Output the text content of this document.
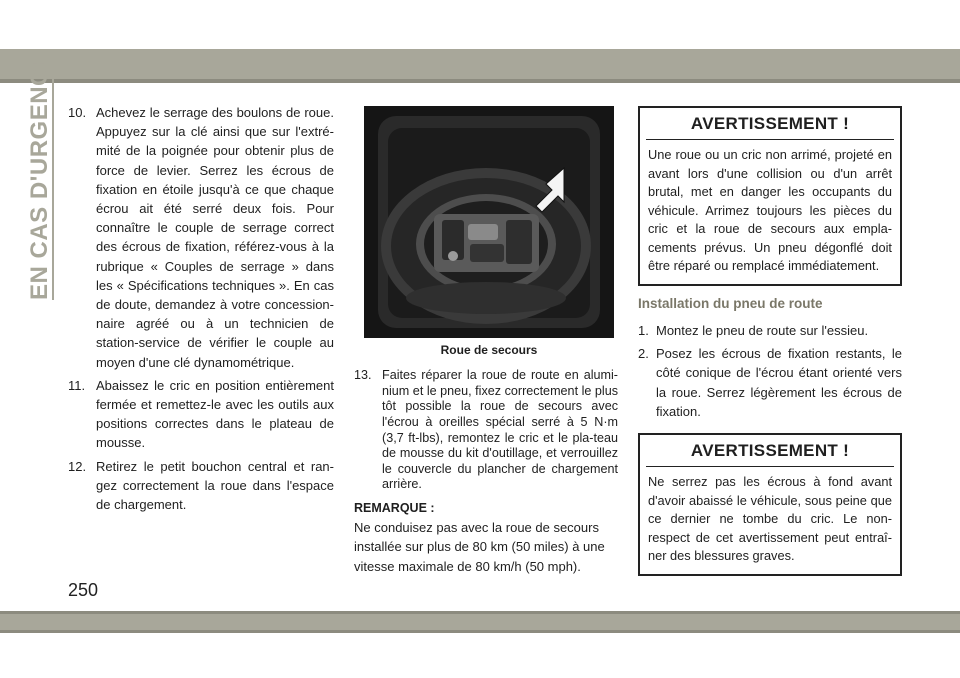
EN CAS D'URGENCE
250
10. Achevez le serrage des boulons de roue. Appuyez sur la clé ainsi que sur l'extré-mité de la poignée pour obtenir plus de force de levier. Serrez les écrous de fixation en étoile jusqu'à ce que chaque écrou ait été serré deux fois. Pour connaître le couple de serrage correct des écrous de fixation, référez-vous à la rubrique « Couples de serrage » dans les « Spécifications techniques ». En cas de doute, demandez à votre concession-naire agréé ou à un technicien de station-service de vérifier le couple au moyen d'une clé dynamométrique.
11. Abaissez le cric en position entièrement fermée et remettez-le avec les outils aux positions correctes dans le plateau de mousse.
12. Retirez le petit bouchon central et ran-gez correctement la roue dans l'espace de chargement.
Roue de secours
13. Faites réparer la roue de route en alumi-nium et le pneu, fixez correctement le plus tôt possible la roue de secours avec l'écrou à oreilles spécial serré à 5 N·m (3,7 ft-lbs), remontez le cric et le pla-teau de mousse du kit d'outillage, et verrouillez le couvercle du plancher de chargement arrière.
REMARQUE :
Ne conduisez pas avec la roue de secours installée sur plus de 80 km (50 miles) à une vitesse maximale de 80 km/h (50 mph).
AVERTISSEMENT !
Une roue ou un cric non arrimé, projeté en avant lors d'une collision ou d'un arrêt brutal, met en danger les occupants du véhicule. Arrimez toujours les pièces du cric et la roue de secours aux empla-cements prévus. Un pneu dégonflé doit être réparé ou remplacé immédiatement.
Installation du pneu de route
1. Montez le pneu de route sur l'essieu.
2. Posez les écrous de fixation restants, le côté conique de l'écrou étant orienté vers la roue. Serrez légèrement les écrous de fixation.
AVERTISSEMENT !
Ne serrez pas les écrous à fond avant d'avoir abaissé le véhicule, sous peine que ce dernier ne tombe du cric. Le non-respect de cet avertissement peut entraî-ner des blessures graves.
